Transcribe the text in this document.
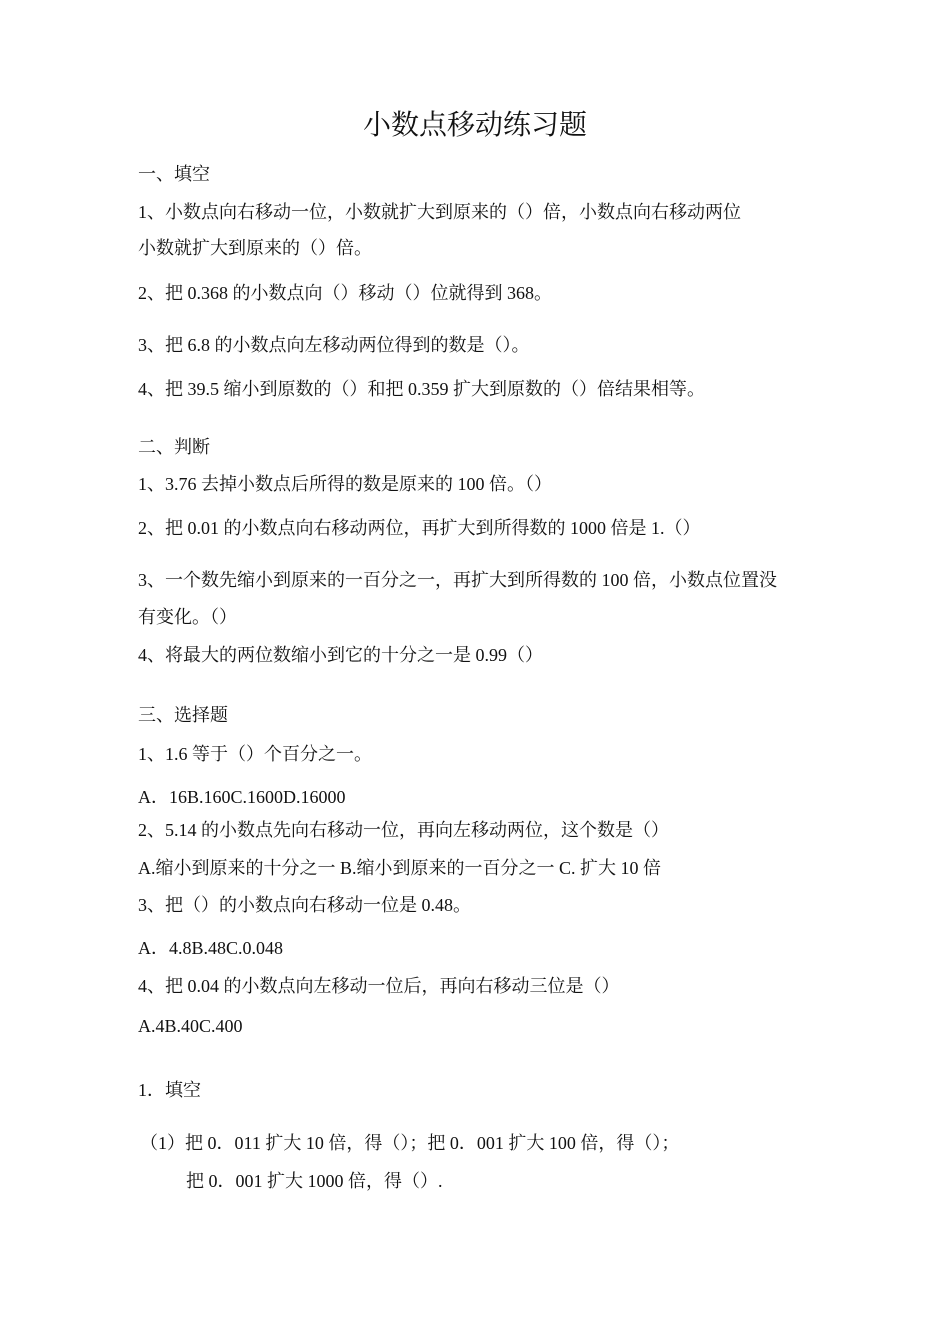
小数点移动练习题
一、填空
1、小数点向右移动一位，小数就扩大到原来的（）倍，小数点向右移动两位
小数就扩大到原来的（）倍。
2、把 0.368 的小数点向（）移动（）位就得到 368。
3、把 6.8 的小数点向左移动两位得到的数是（）。
4、把 39.5 缩小到原数的（）和把 0.359 扩大到原数的（）倍结果相等。
二、判断
1、3.76 去掉小数点后所得的数是原来的 100 倍。（）
2、把 0.01 的小数点向右移动两位，再扩大到所得数的 1000 倍是 1.（）
3、一个数先缩小到原来的一百分之一，再扩大到所得数的 100 倍，小数点位置没
有变化。（）
4、将最大的两位数缩小到它的十分之一是 0.99（）
三、选择题
1、1.6 等于（）个百分之一。
A．16B.160C.1600D.16000
2、5.14 的小数点先向右移动一位，再向左移动两位，这个数是（）
A.缩小到原来的十分之一 B.缩小到原来的一百分之一 C. 扩大 10 倍
3、把（）的小数点向右移动一位是 0.48。
A．4.8B.48C.0.048
4、把 0.04 的小数点向左移动一位后，再向右移动三位是（）
A.4B.40C.400
1．填空
（1）把 0．011 扩大 10 倍，得（）；把 0．001 扩大 100 倍，得（）；
把 0．001 扩大 1000 倍，得（）.
